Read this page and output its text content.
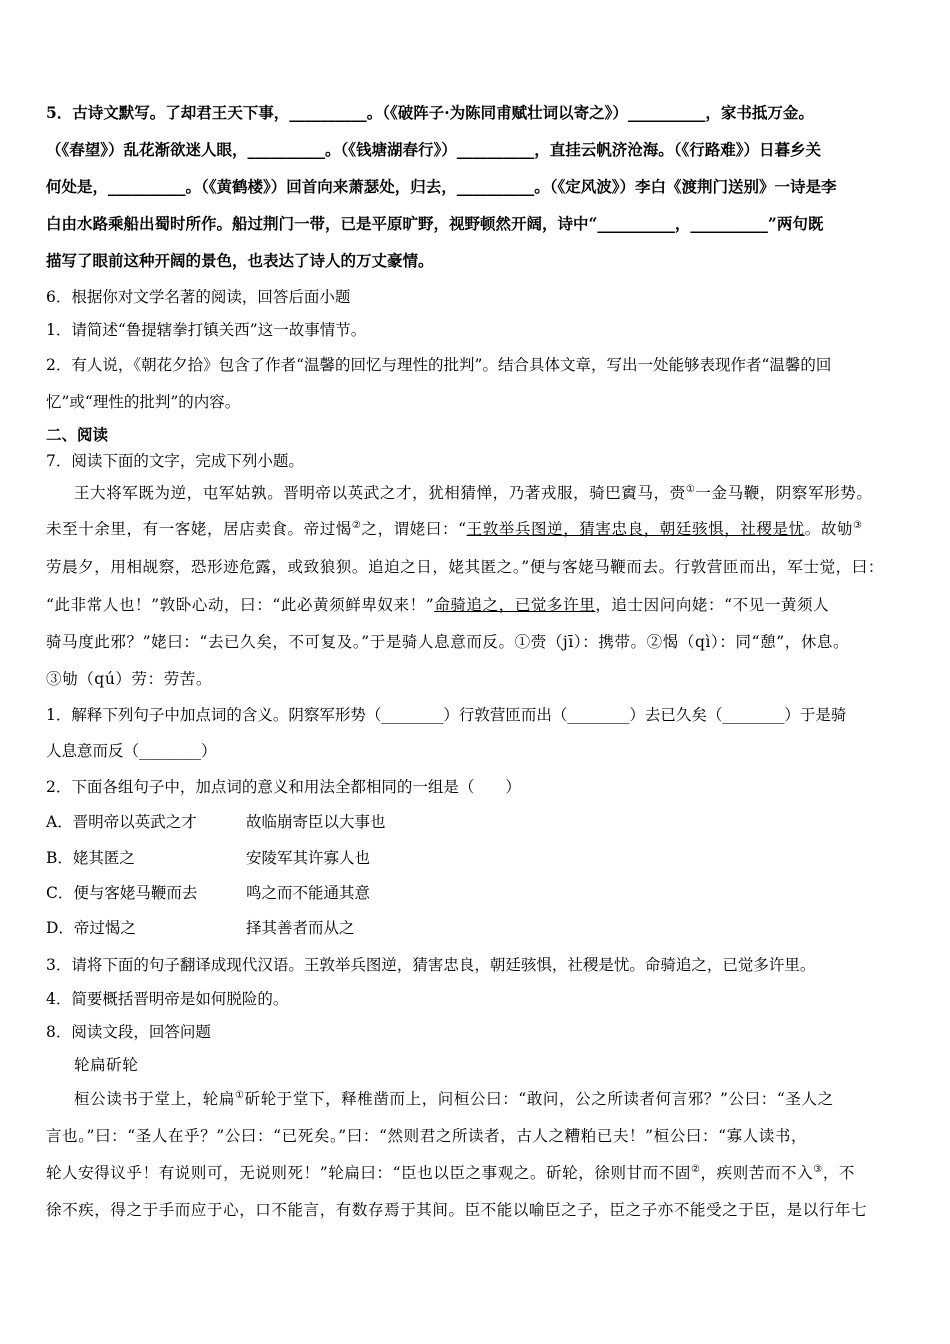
5．古诗文默写。了却君王天下事，__________。（《破阵子·为陈同甫赋壮词以寄之》）__________，家书抵万金。
（《春望》）乱花渐欲迷人眼，__________。（《钱塘湖春行》）__________，直挂云帆济沧海。（《行路难》）日暮乡关
何处是，__________。（《黄鹤楼》）回首向来萧瑟处，归去，__________。（《定风波》）李白《渡荆门送别》一诗是李
白由水路乘船出蜀时所作。船过荆门一带，已是平原旷野，视野顿然开阔，诗中“__________，__________”两句既
描写了眼前这种开阔的景色，也表达了诗人的万丈豪情。
6．根据你对文学名著的阅读，回答后面小题
1．请简述“鲁提辖拳打镇关西”这一故事情节。
2．有人说，《朝花夕拾》包含了作者“温馨的回忆与理性的批判”。结合具体文章，写出一处能够表现作者“温馨的回
忆”或“理性的批判”的内容。
二、阅读
7．阅读下面的文字，完成下列小题。
王大将军既为逆，屯军姑孰。晋明帝以英武之才，犹相猜惮，乃著戎服，骑巴賨马，赍①一金马鞭，阴察军形势。
未至十余里，有一客姥，居店卖食。帝过愒②之，谓姥曰：“王敦举兵图逆，猜害忠良，朝廷骇惧，社稷是忧。故劬③
劳晨夕，用相觇察，恐形迹危露，或致狼狈。追迫之日，姥其匿之。”便与客姥马鞭而去。行敦营匝而出，军士觉，曰：
“此非常人也！”敦卧心动，曰：“此必黄须鲜卑奴来！”命骑追之，已觉多许里，追士因问向姥：“不见一黄须人
骑马度此邪？”姥曰：“去已久矣，不可复及。”于是骑人息意而反。①赍（jī）：携带。②愒（qì）：同“憩”，休息。
③劬（qú）劳：劳苦。
1．解释下列句子中加点词的含义。阴察军形势（________）行敦营匝而出（________）去已久矣（________）于是骑
人息意而反（________）
2．下面各组句子中，加点词的意义和用法全都相同的一组是（　　）
A．晋明帝以英武之才	故临崩寄臣以大事也
B．姥其匿之	安陵军其许寡人也
C．便与客姥马鞭而去	鸣之而不能通其意
D．帝过愒之	择其善者而从之
3．请将下面的句子翻译成现代汉语。王敦举兵图逆，猜害忠良，朝廷骇惧，社稷是忧。命骑追之，已觉多许里。
4．简要概括晋明帝是如何脱险的。
8．阅读文段，回答问题
轮扁斫轮
桓公读书于堂上，轮扁①斫轮于堂下，释椎凿而上，问桓公曰：“敢问，公之所读者何言邪？”公曰：“圣人之
言也。”曰：“圣人在乎？”公曰：“已死矣。”曰：“然则君之所读者，古人之糟粕已夫！”桓公曰：“寡人读书，
轮人安得议乎！有说则可，无说则死！”轮扁曰：“臣也以臣之事观之。斫轮，徐则甘而不固②，疾则苦而不入③，不
徐不疾，得之于手而应于心，口不能言，有数存焉于其间。臣不能以喻臣之子，臣之子亦不能受之于臣，是以行年七
